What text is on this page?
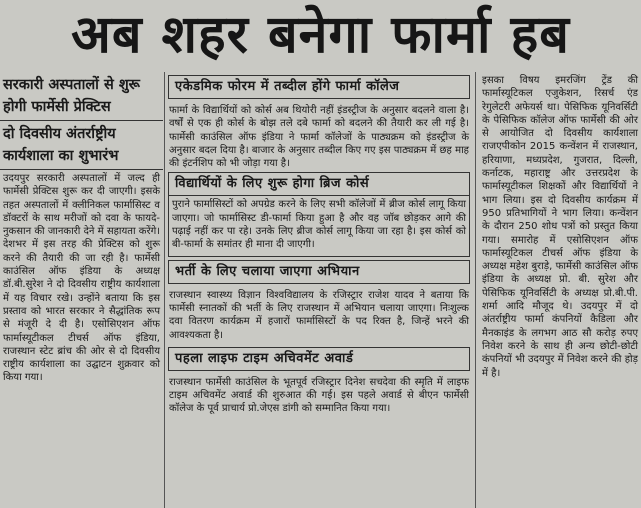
अब शहर बनेगा फार्मा हब

सरकारी अस्पतालों से शुरू होगी फार्मेसी प्रेक्टिस

दो दिवसीय अंतर्राष्ट्रीय कार्यशाला का शुभारंभ

उदयपुर सरकारी अस्पतालों में जल्द ही फार्मेसी प्रेक्टिस शुरू कर दी जाएगी। इसके तहत अस्पतालों में क्लीनिकल फार्मासिस्ट व डॉक्टरों के साथ मरीजों को दवा के फायदे-नुकसान की जानकारी देने में सहायता करेंगे। देशभर में इस तरह की प्रेक्टिस को शुरू करने की तैयारी की जा रही है। फार्मेसी काउंसिल ऑफ इंडिया के अध्यक्ष डॉ.बी.सुरेश ने दो दिवसीय राष्ट्रीय कार्यशाला में यह विचार रखे। उन्होंने बताया कि इस प्रस्ताव को भारत सरकार ने सैद्धांतिक रूप से मंजूरी दे दी है। एसोसिएशन ऑफ फार्मास्यूटीकल टीचर्स ऑफ इंडिया, राजस्थान स्टेट ब्रांच की ओर से दो दिवसीय राष्ट्रीय कार्यशाला का उद्घाटन शुक्रवार को किया गया।

एकेडमिक फोरम में तब्दील होंगे फार्मा कॉलेज

फार्मा के विद्यार्थियों को कोर्स अब थियोरी नहीं इंडस्ट्रीज के अनुसार बदलने वाला है। वर्षों से एक ही कोर्स के बोझ तले दबे फार्मा को बदलने की तैयारी कर ली गई है। फार्मेसी काउंसिल ऑफ इंडिया ने फार्मा कॉलेजों के पाठ्यक्रम को इंडस्ट्रीज के अनुसार बदल दिया है। बाजार के अनुसार तब्दील किए गए इस पाठ्यक्रम में छह माह की इंटर्नशिप को भी जोड़ा गया है।

विद्यार्थियों के लिए शुरू होगा ब्रिज कोर्स

पुराने फार्मासिस्टों को अपग्रेड करने के लिए सभी कॉलेजों में ब्रीज कोर्स लागू किया जाएगा। जो फार्मासिस्ट डी-फार्मा किया हुआ है और वह जॉब छोड़कर आगे की पढ़ाई नहीं कर पा रहे। उनके लिए ब्रीज कोर्स लागू किया जा रहा है। इस कोर्स को बी-फार्मा के समांतर ही माना दी जाएगी।

भर्ती के लिए चलाया जाएगा अभियान

राजस्थान स्वास्थ्य विज्ञान विश्वविद्यालय के रजिस्ट्रार राजेश यादव ने बताया कि फार्मेसी स्नातकों की भर्ती के लिए राजस्थान में अभियान चलाया जाएगा। निःशुल्क दवा वितरण कार्यक्रम में हजारों फार्मासिस्टों के पद रिक्त है, जिन्हें भरने की आवश्यकता है।

पहला लाइफ टाइम अचिवमेंट अवार्ड

राजस्थान फार्मेसी काउंसिल के भूतपूर्व रजिस्ट्रार दिनेश सचदेवा की स्मृति में लाइफ टाइम अचिवमेंट अवार्ड की शुरुआत की गई। इस पहले अवार्ड से बीएन फार्मेसी कॉलेज के पूर्व प्राचार्य प्रो.जेएस डांगी को सम्मानित किया गया।

इसका विषय इमरजिंग ट्रेंड की फार्मास्यूटिकल एजुकेशन, रिसर्च एंड रेगुलेटरी अफेयर्स था। पेसिफिक यूनिवर्सिटी के पेसिफिक कॉलेज ऑफ फार्मेसी की ओर से आयोजित दो दिवसीय कार्यशाला राजएपीकोन 2015 कन्वेंशन में राजस्थान, हरियाणा, मध्यप्रदेश, गुजरात, दिल्ली, कर्नाटक, महाराष्ट्र और उत्तरप्रदेश के फार्मास्यूटीकल शिक्षकों और विद्यार्थियों ने भाग लिया। इस दो दिवसीय कार्यक्रम में 950 प्रतिभागियों ने भाग लिया। कन्वेंशन के दौरान 250 शोध पत्रों को प्रस्तुत किया गया। समारोह में एसोसिएशन ऑफ फार्मास्यूटिकल टीचर्स ऑफ इंडिया के अध्यक्ष महेश बुराड़े, फार्मेसी काउंसिल ऑफ इंडिया के अध्यक्ष प्रो. बी. सुरेश और पेसिफिक यूनिवर्सिटी के अध्यक्ष प्रो.बी.पी. शर्मा आदि मौजूद थे। उदयपुर में दो अंतर्राष्ट्रीय फार्मा कंपनियों कैडिला और मैनकाइंड के लगभग आठ सौ करोड़ रुपए निवेश करने के साथ ही अन्य छोटी-छोटी कंपनियों भी उदयपुर में निवेश करने की होड़ में है।
